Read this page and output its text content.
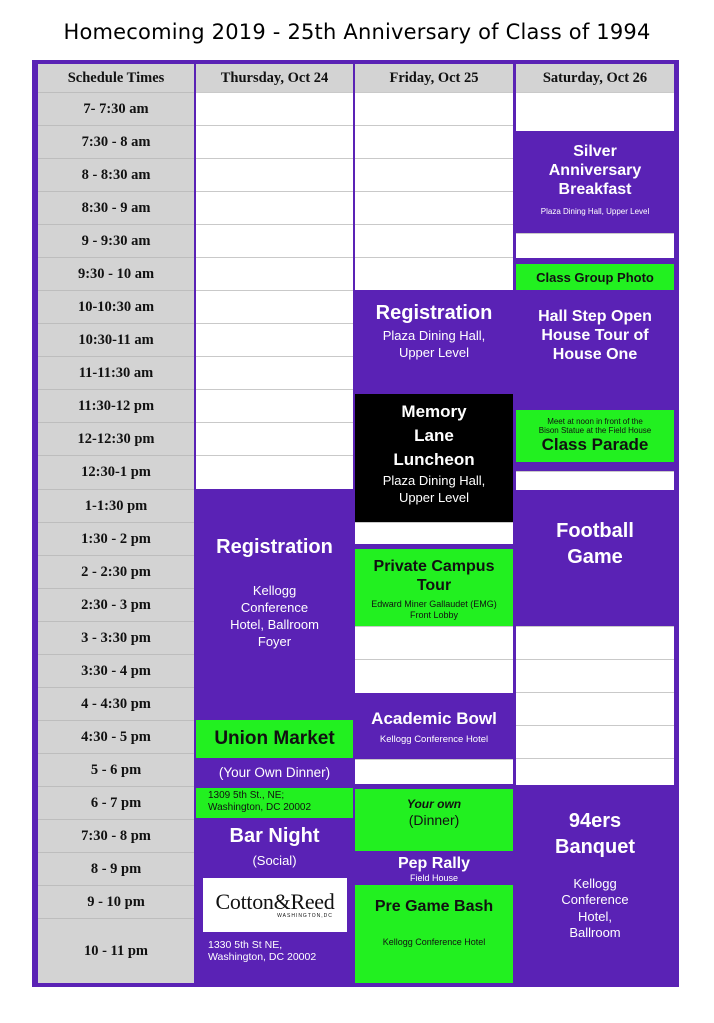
Homecoming 2019 - 25th Anniversary of Class of 1994
Schedule Times
7- 7:30 am
7:30 - 8 am
8 - 8:30 am
8:30 - 9 am
9 - 9:30 am
9:30 - 10 am
10-10:30 am
10:30-11 am
11-11:30 am
11:30-12 pm
12-12:30 pm
12:30-1 pm
1-1:30 pm
1:30 - 2 pm
2 - 2:30 pm
2:30 - 3 pm
3 - 3:30 pm
3:30 - 4 pm
4 - 4:30 pm
4:30 - 5 pm
5 - 6 pm
6 - 7 pm
7:30 - 8 pm
8 - 9 pm
9 - 10 pm
10 - 11 pm
Thursday, Oct 24
Registration
Kellogg
Conference
Hotel, Ballroom
Foyer
Union Market
(Your Own Dinner)
1309 5th St., NE;
Washington, DC 20002
Bar Night
(Social)
Cotton&Reed
WASHINGTON,DC
1330 5th St NE,
Washington, DC 20002
Friday, Oct 25
Registration
Plaza Dining Hall,
Upper Level
Memory
Lane
Luncheon
Plaza Dining Hall,
Upper Level
Private Campus
Tour
Edward Miner Gallaudet (EMG)
Front Lobby
Academic Bowl
Kellogg Conference Hotel
Your own
(Dinner)
Pep Rally
Field House
Pre Game Bash
Kellogg Conference Hotel
Saturday, Oct 26
Silver
Anniversary
Breakfast
Plaza Dining Hall, Upper Level
Class Group Photo
Hall Step Open
House Tour of
House One
Meet at noon in front of the
Bison Statue at the Field House
Class Parade
Football
Game
94ers
Banquet
Kellogg
Conference
Hotel,
Ballroom
